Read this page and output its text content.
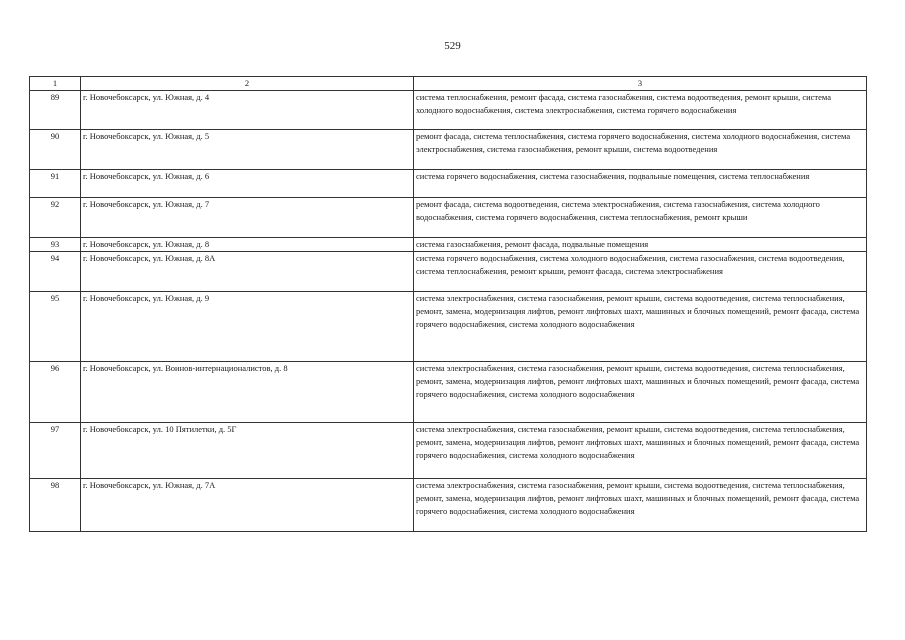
529
1	2	3
89	г. Новочебоксарск, ул. Южная, д. 4	система теплоснабжения, ремонт фасада, система газоснабжения, система водоотведения, ремонт крыши, система холодного водоснабжения, система электроснабжения, система горячего водоснабжения
90	г. Новочебоксарск, ул. Южная, д. 5	ремонт фасада, система теплоснабжения, система горячего водоснабжения, система холодного водоснабжения, система электроснабжения, система газоснабжения, ремонт крыши, система водоотведения
91	г. Новочебоксарск, ул. Южная, д. 6	система горячего водоснабжения, система газоснабжения, подвальные помещения, система теплоснабжения
92	г. Новочебоксарск, ул. Южная, д. 7	ремонт фасада, система водоотведения, система электроснабжения, система газоснабжения, система холодного водоснабжения, система горячего водоснабжения, система теплоснабжения, ремонт крыши
93	г. Новочебоксарск, ул. Южная, д. 8	система газоснабжения, ремонт фасада, подвальные помещения
94	г. Новочебоксарск, ул. Южная, д. 8А	система горячего водоснабжения, система холодного водоснабжения, система газоснабжения, система водоотведения, система теплоснабжения, ремонт крыши, ремонт фасада, система электроснабжения
95	г. Новочебоксарск, ул. Южная, д. 9	система электроснабжения, система газоснабжения, ремонт крыши, система водоотведения, система теплоснабжения, ремонт, замена, модернизация лифтов, ремонт лифтовых шахт, машинных и блочных помещений, ремонт фасада, система горячего водоснабжения, система холодного водоснабжения
96	г. Новочебоксарск, ул. Воинов-интернационалистов, д. 8	система электроснабжения, система газоснабжения, ремонт крыши, система водоотведения, система теплоснабжения, ремонт, замена, модернизация лифтов, ремонт лифтовых шахт, машинных и блочных помещений, ремонт фасада, система горячего водоснабжения, система холодного водоснабжения
97	г. Новочебоксарск, ул. 10 Пятилетки, д. 5Г	система электроснабжения, система газоснабжения, ремонт крыши, система водоотведения, система теплоснабжения, ремонт, замена, модернизация лифтов, ремонт лифтовых шахт, машинных и блочных помещений, ремонт фасада, система горячего водоснабжения, система холодного водоснабжения
98	г. Новочебоксарск, ул. Южная, д. 7А	система электроснабжения, система газоснабжения, ремонт крыши, система водоотведения, система теплоснабжения, ремонт, замена, модернизация лифтов, ремонт лифтовых шахт, машинных и блочных помещений, ремонт фасада, система горячего водоснабжения, система холодного водоснабжения
